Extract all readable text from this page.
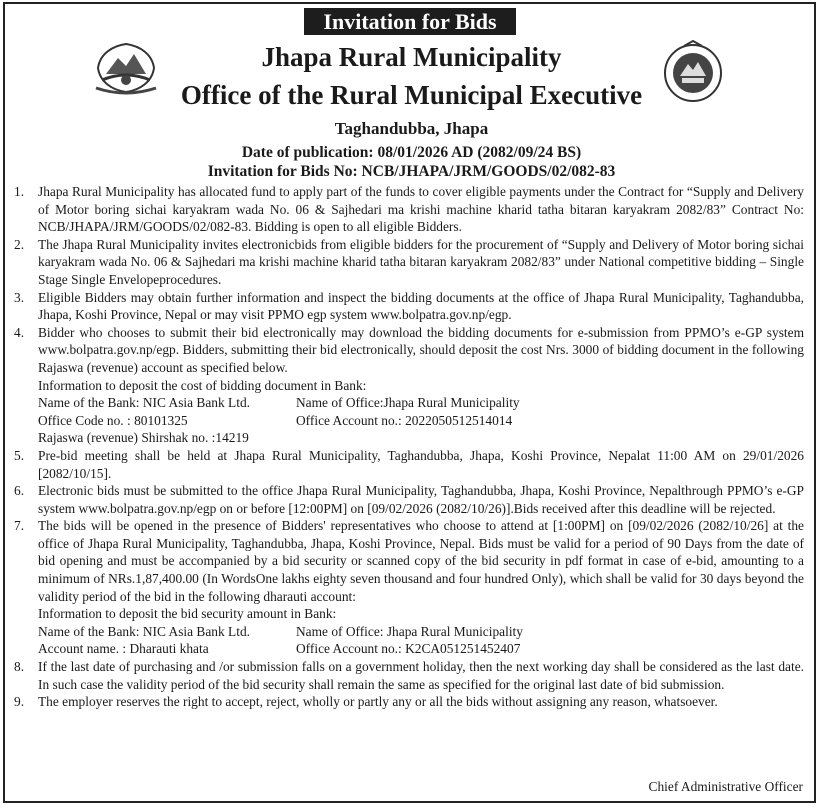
Invitation for Bids
Jhapa Rural Municipality
Office of the Rural Municipal Executive
Taghandubba, Jhapa
Date of publication: 08/01/2026 AD (2082/09/24 BS)
Invitation for Bids No: NCB/JHAPA/JRM/GOODS/02/082-83
1.	Jhapa Rural Municipality has allocated fund to apply part of the funds to cover eligible payments under the Contract for “Supply and Delivery of Motor boring sichai karyakram wada No. 06 & Sajhedari ma krishi machine kharid tatha bitaran karyakram 2082/83” Contract No: NCB/JHAPA/JRM/GOODS/02/082-83. Bidding is open to all eligible Bidders.
2.	The Jhapa Rural Municipality invites electronicbids from eligible bidders for the procurement of “Supply and Delivery of Motor boring sichai karyakram wada No. 06 & Sajhedari ma krishi machine kharid tatha bitaran karyakram 2082/83” under National competitive bidding – Single Stage Single Envelopeprocedures.
3.	Eligible Bidders may obtain further information and inspect the bidding documents at the office of Jhapa Rural Municipality, Taghandubba, Jhapa, Koshi Province, Nepal or may visit PPMO egp system www.bolpatra.gov.np/egp.
4.	Bidder who chooses to submit their bid electronically may download the bidding documents for e-submission from PPMO’s e-GP system www.bolpatra.gov.np/egp. Bidders, submitting their bid electronically, should deposit the cost Nrs. 3000 of bidding document in the following Rajaswa (revenue) account as specified below.
Information to deposit the cost of bidding document in Bank:
Name of the Bank: NIC Asia Bank Ltd.	Name of Office:Jhapa Rural Municipality
Office Code no. : 80101325	Office Account no.: 2022050512514014
Rajaswa (revenue) Shirshak no. :14219
5.	Pre-bid meeting shall be held at Jhapa Rural Municipality, Taghandubba, Jhapa, Koshi Province, Nepalat 11:00 AM on 29/01/2026 [2082/10/15].
6.	Electronic bids must be submitted to the office Jhapa Rural Municipality, Taghandubba, Jhapa, Koshi Province, Nepalthrough PPMO’s e-GP system www.bolpatra.gov.np/egp on or before [12:00PM] on [09/02/2026 (2082/10/26)].Bids received after this deadline will be rejected.
7.	The bids will be opened in the presence of Bidders' representatives who choose to attend at [1:00PM] on [09/02/2026 (2082/10/26] at the office of Jhapa Rural Municipality, Taghandubba, Jhapa, Koshi Province, Nepal. Bids must be valid for a period of 90 Days from the date of bid opening and must be accompanied by a bid security or scanned copy of the bid security in pdf format in case of e-bid, amounting to a minimum of NRs.1,87,400.00 (In WordsOne lakhs eighty seven thousand and four hundred Only), which shall be valid for 30 days beyond the validity period of the bid in the following dharauti account:
Information to deposit the bid security amount in Bank:
Name of the Bank: NIC Asia Bank Ltd.	Name of Office: Jhapa Rural Municipality
Account name. : Dharauti khata	Office Account no.: K2CA051251452407
8.	If the last date of purchasing and /or submission falls on a government holiday, then the next working day shall be considered as the last date. In such case the validity period of the bid security shall remain the same as specified for the original last date of bid submission.
9.	The employer reserves the right to accept, reject, wholly or partly any or all the bids without assigning any reason, whatsoever.
Chief Administrative Officer
